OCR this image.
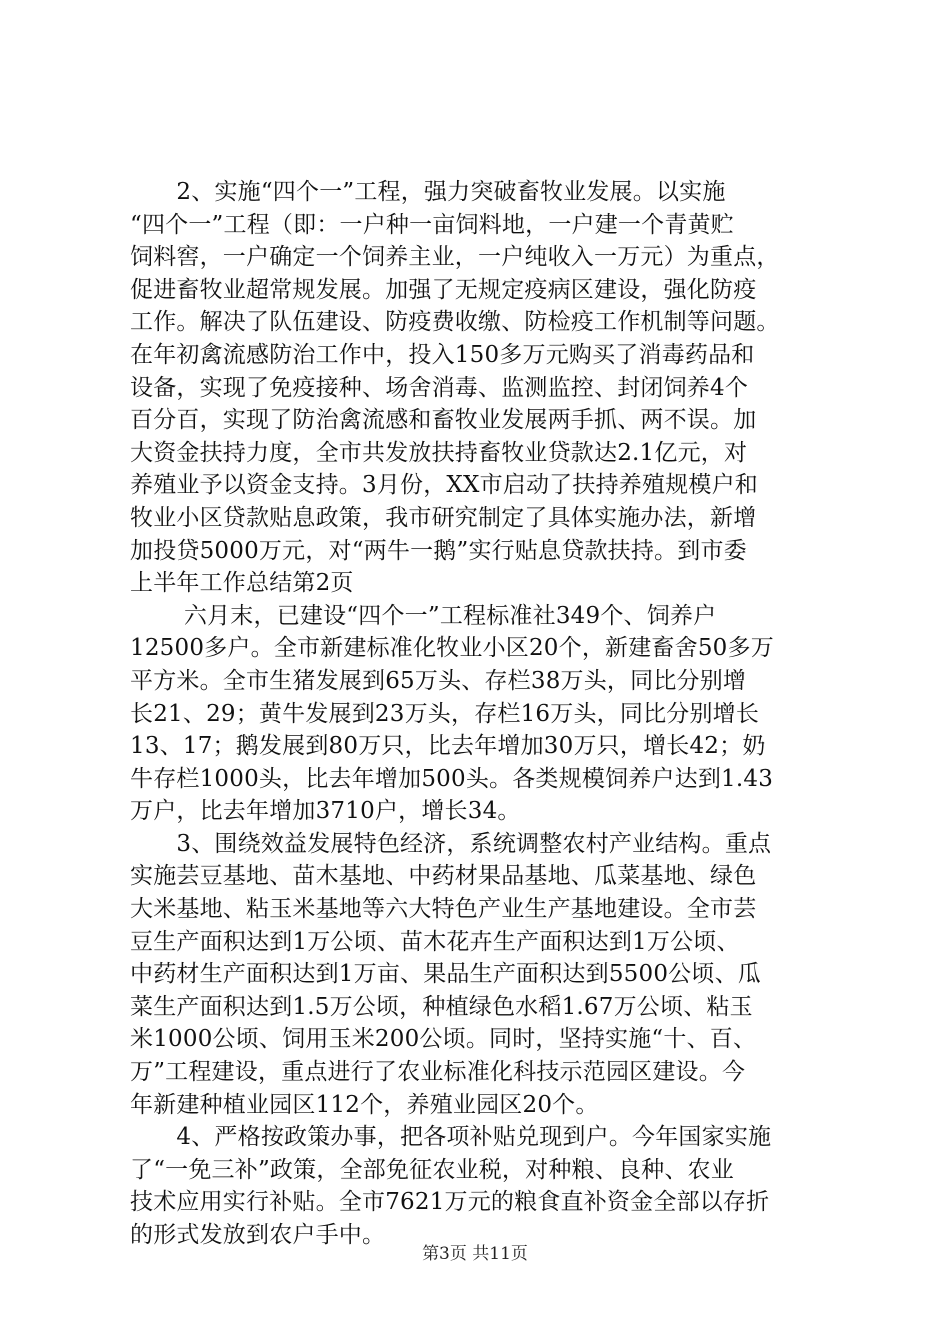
　　2、实施“四个一”工程，强力突破畜牧业发展。以实施
“四个一”工程（即：一户种一亩饲料地，一户建一个青黄贮
饲料窖，一户确定一个饲养主业，一户纯收入一万元）为重点，
促进畜牧业超常规发展。加强了无规定疫病区建设，强化防疫
工作。解决了队伍建设、防疫费收缴、防检疫工作机制等问题。
在年初禽流感防治工作中，投入150多万元购买了消毒药品和
设备，实现了免疫接种、场舍消毒、监测监控、封闭饲养4个
百分百，实现了防治禽流感和畜牧业发展两手抓、两不误。加
大资金扶持力度，全市共发放扶持畜牧业贷款达2.1亿元，对
养殖业予以资金支持。3月份，XX市启动了扶持养殖规模户和
牧业小区贷款贴息政策，我市研究制定了具体实施办法，新增
加投贷5000万元，对“两牛一鹅”实行贴息贷款扶持。到市委
上半年工作总结第2页
　　 六月末，已建设“四个一”工程标准社349个、饲养户
12500多户。全市新建标准化牧业小区20个，新建畜舍50多万
平方米。全市生猪发展到65万头、存栏38万头，同比分别增
长21、29；黄牛发展到23万头，存栏16万头，同比分别增长
13、17；鹅发展到80万只，比去年增加30万只，增长42；奶
牛存栏1000头，比去年增加500头。各类规模饲养户达到1.43
万户，比去年增加3710户，增长34。
　　3、围绕效益发展特色经济，系统调整农村产业结构。重点
实施芸豆基地、苗木基地、中药材果品基地、瓜菜基地、绿色
大米基地、粘玉米基地等六大特色产业生产基地建设。全市芸
豆生产面积达到1万公顷、苗木花卉生产面积达到1万公顷、
中药材生产面积达到1万亩、果品生产面积达到5500公顷、瓜
菜生产面积达到1.5万公顷，种植绿色水稻1.67万公顷、粘玉
米1000公顷、饲用玉米200公顷。同时，坚持实施“十、百、
万”工程建设，重点进行了农业标准化科技示范园区建设。今
年新建种植业园区112个，养殖业园区20个。
　　4、严格按政策办事，把各项补贴兑现到户。今年国家实施
了“一免三补”政策，全部免征农业税，对种粮、良种、农业
技术应用实行补贴。全市7621万元的粮食直补资金全部以存折
的形式发放到农户手中。
第3页 共11页
